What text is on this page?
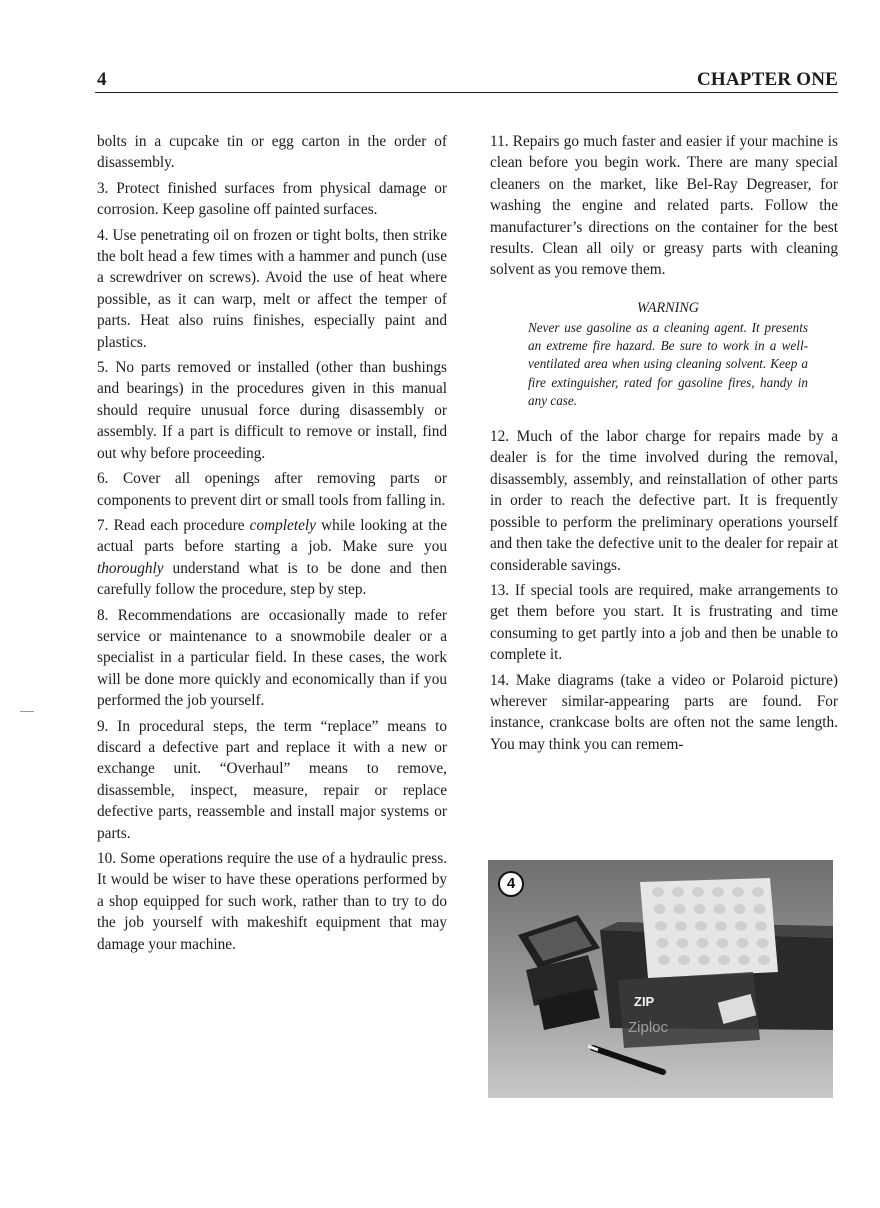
4	CHAPTER ONE

bolts in a cupcake tin or egg carton in the order of disassembly.

3. Protect finished surfaces from physical damage or corrosion. Keep gasoline off painted surfaces.

4. Use penetrating oil on frozen or tight bolts, then strike the bolt head a few times with a hammer and punch (use a screwdriver on screws). Avoid the use of heat where possible, as it can warp, melt or affect the temper of parts. Heat also ruins finishes, especially paint and plastics.

5. No parts removed or installed (other than bushings and bearings) in the procedures given in this manual should require unusual force during disassembly or assembly. If a part is difficult to remove or install, find out why before proceeding.

6. Cover all openings after removing parts or components to prevent dirt or small tools from falling in.

7. Read each procedure completely while looking at the actual parts before starting a job. Make sure you thoroughly understand what is to be done and then carefully follow the procedure, step by step.

8. Recommendations are occasionally made to refer service or maintenance to a snowmobile dealer or a specialist in a particular field. In these cases, the work will be done more quickly and economically than if you performed the job yourself.

9. In procedural steps, the term “replace” means to discard a defective part and replace it with a new or exchange unit. “Overhaul” means to remove, disassemble, inspect, measure, repair or replace defective parts, reassemble and install major systems or parts.

10. Some operations require the use of a hydraulic press. It would be wiser to have these operations performed by a shop equipped for such work, rather than to try to do the job yourself with makeshift equipment that may damage your machine.

11. Repairs go much faster and easier if your machine is clean before you begin work. There are many special cleaners on the market, like Bel-Ray Degreaser, for washing the engine and related parts. Follow the manufacturer’s directions on the container for the best results. Clean all oily or greasy parts with cleaning solvent as you remove them.

WARNING
Never use gasoline as a cleaning agent. It presents an extreme fire hazard. Be sure to work in a well-ventilated area when using cleaning solvent. Keep a fire extinguisher, rated for gasoline fires, handy in any case.

12. Much of the labor charge for repairs made by a dealer is for the time involved during the removal, disassembly, assembly, and reinstallation of other parts in order to reach the defective part. It is frequently possible to perform the preliminary operations yourself and then take the defective unit to the dealer for repair at considerable savings.

13. If special tools are required, make arrangements to get them before you start. It is frustrating and time consuming to get partly into a job and then be unable to complete it.

14. Make diagrams (take a video or Polaroid picture) wherever similar-appearing parts are found. For instance, crankcase bolts are often not the same length. You may think you can remem-

ZIP
Ziploc
4
